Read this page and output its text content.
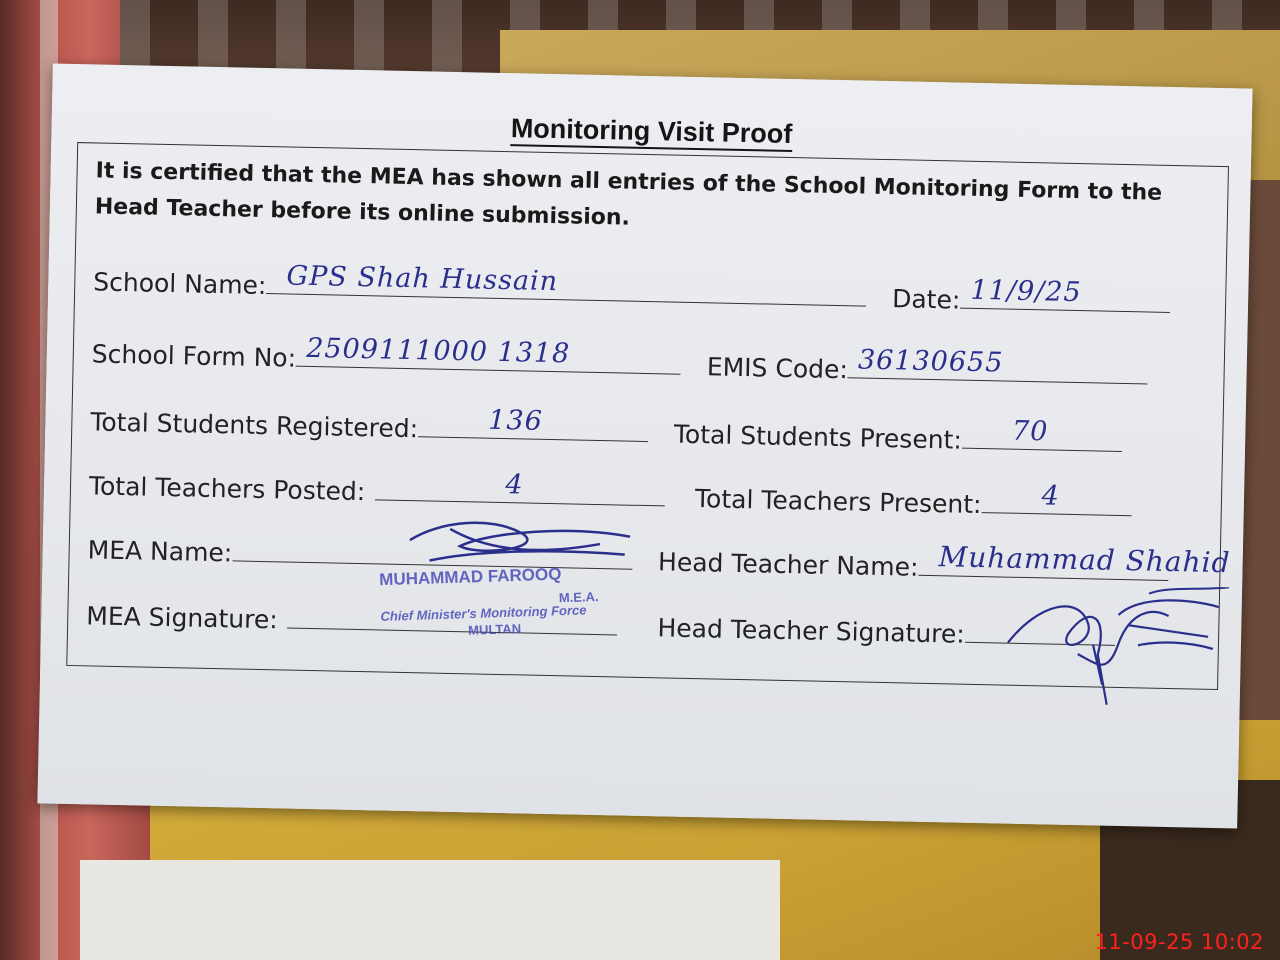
Monitoring Visit Proof
It is certified that the MEA has shown all entries of the School Monitoring Form to the Head Teacher before its online submission.
School Name: GPS Shah Hussain
Date: 11/9/25
School Form No: 2509111000 1318	EMIS Code: 36130655
Total Students Registered:	136	Total Students Present: 70
Total Teachers Posted:	4	Total Teachers Present: 4
MEA Name:	Head Teacher Name: Muhammad Shahid
MEA Signature:	Head Teacher Signature:
MUHAMMAD FAROOQ
M.E.A.
Chief Minister's Monitoring Force
MULTAN
11-09-25 10:02
